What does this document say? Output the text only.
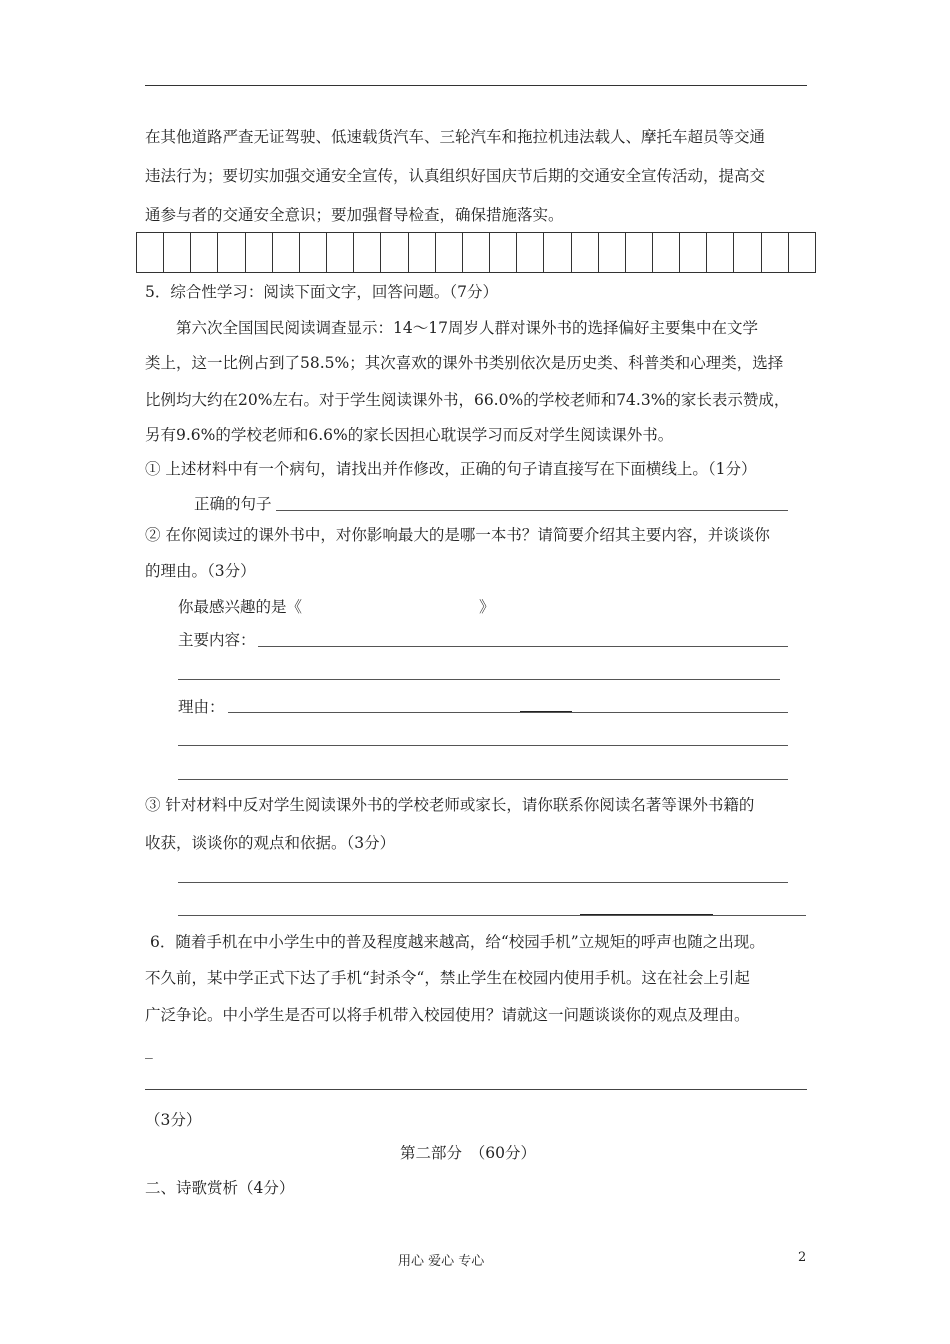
在其他道路严查无证驾驶、低速载货汽车、三轮汽车和拖拉机违法载人、摩托车超员等交通
违法行为；要切实加强交通安全宣传，认真组织好国庆节后期的交通安全宣传活动，提高交
通参与者的交通安全意识；要加强督导检查，确保措施落实。
5．综合性学习：阅读下面文字，回答问题。（7分）
第六次全国国民阅读调查显示：14～17周岁人群对课外书的选择偏好主要集中在文学
类上，这一比例占到了58.5%；其次喜欢的课外书类别依次是历史类、科普类和心理类，选择
比例均大约在20%左右。对于学生阅读课外书，66.0%的学校老师和74.3%的家长表示赞成，
另有9.6%的学校老师和6.6%的家长因担心耽误学习而反对学生阅读课外书。
① 上述材料中有一个病句，请找出并作修改，正确的句子请直接写在下面横线上。（1分）
正确的句子
② 在你阅读过的课外书中，对你影响最大的是哪一本书？请简要介绍其主要内容，并谈谈你
的理由。（3分）
你最感兴趣的是《	》
主要内容：
理由：
③ 针对材料中反对学生阅读课外书的学校老师或家长，请你联系你阅读名著等课外书籍的
收获，谈谈你的观点和依据。（3分）
6．随着手机在中小学生中的普及程度越来越高，给“校园手机”立规矩的呼声也随之出现。
不久前，某中学正式下达了手机“封杀令“，禁止学生在校园内使用手机。这在社会上引起
广泛争论。中小学生是否可以将手机带入校园使用？请就这一问题谈谈你的观点及理由。
_
（3分）
第二部分　（60分）
二、诗歌赏析（4分）
用心 爱心 专心	2
